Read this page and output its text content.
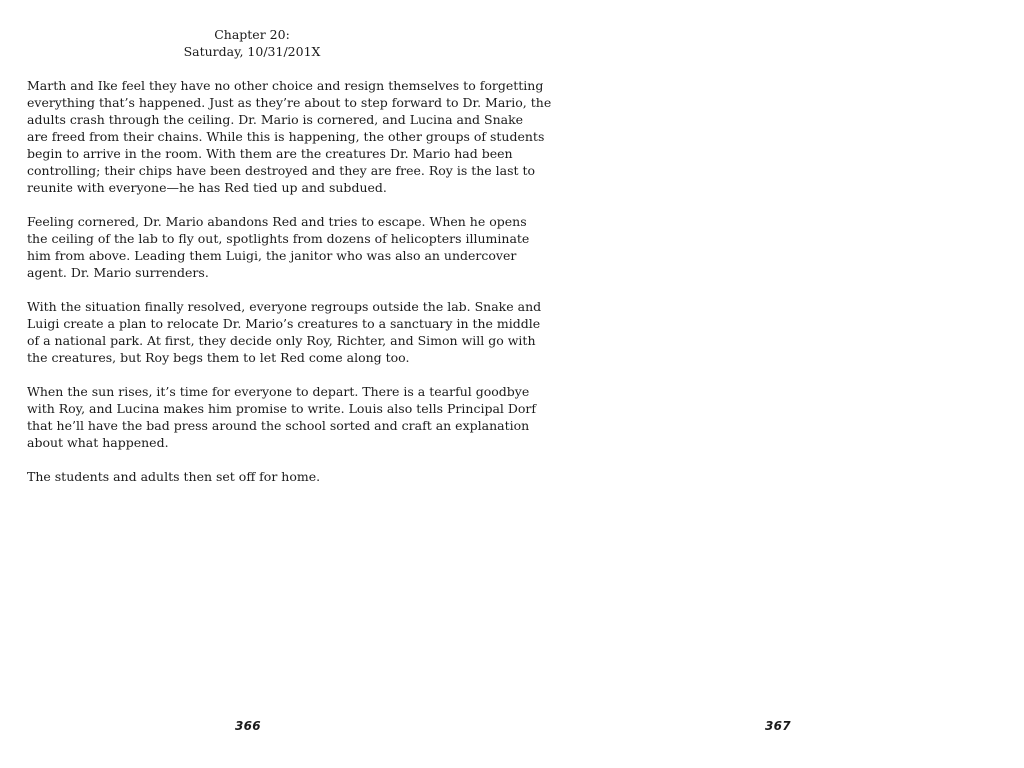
Chapter 20:
Saturday, 10/31/201X

Marth and Ike feel they have no other choice and resign themselves to forgetting
everything that’s happened. Just as they’re about to step forward to Dr. Mario, the
adults crash through the ceiling. Dr. Mario is cornered, and Lucina and Snake
are freed from their chains. While this is happening, the other groups of students
begin to arrive in the room. With them are the creatures Dr. Mario had been
controlling; their chips have been destroyed and they are free. Roy is the last to
reunite with everyone—he has Red tied up and subdued.

Feeling cornered, Dr. Mario abandons Red and tries to escape. When he opens
the ceiling of the lab to fly out, spotlights from dozens of helicopters illuminate
him from above. Leading them Luigi, the janitor who was also an undercover
agent. Dr. Mario surrenders.

With the situation finally resolved, everyone regroups outside the lab. Snake and
Luigi create a plan to relocate Dr. Mario’s creatures to a sanctuary in the middle
of a national park. At first, they decide only Roy, Richter, and Simon will go with
the creatures, but Roy begs them to let Red come along too.

When the sun rises, it’s time for everyone to depart. There is a tearful goodbye
with Roy, and Lucina makes him promise to write. Louis also tells Principal Dorf
that he’ll have the bad press around the school sorted and craft an explanation
about what happened.

The students and adults then set off for home.

366	367
